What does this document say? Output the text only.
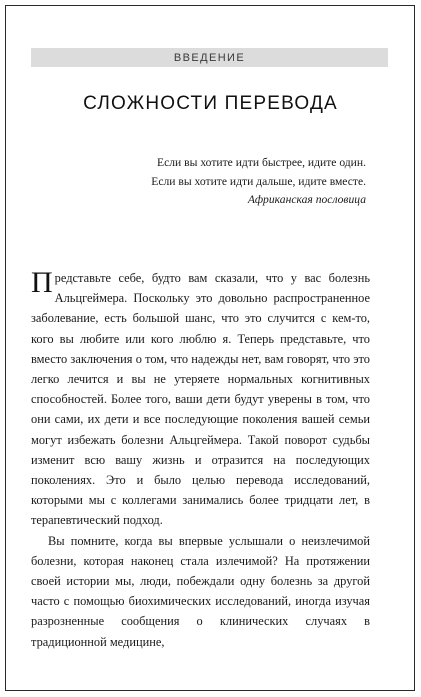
ВВЕДЕНИЕ
СЛОЖНОСТИ ПЕРЕВОДА
Если вы хотите идти быстрее, идите один.
Если вы хотите идти дальше, идите вместе.
Африканская пословица

Представьте себе, будто вам сказали, что у вас болезнь Альцгеймера. Поскольку это довольно распространенное заболевание, есть большой шанс, что это случится с кем-то, кого вы любите или кого люблю я. Теперь представьте, что вместо заключения о том, что надежды нет, вам говорят, что это легко лечится и вы не утеряете нормальных когнитивных способностей. Более того, ваши дети будут уверены в том, что они сами, их дети и все последующие поколения вашей семьи могут избежать болезни Альцгеймера. Такой поворот судьбы изменит всю вашу жизнь и отразится на последующих поколениях. Это и было целью перевода исследований, которыми мы с коллегами занимались более тридцати лет, в терапевтический подход.

Вы помните, когда вы впервые услышали о неизлечимой болезни, которая наконец стала излечимой? На протяжении своей истории мы, люди, побеждали одну болезнь за другой часто с помощью биохимических исследований, иногда изучая разрозненные сообщения о клинических случаях в традиционной медицине,
